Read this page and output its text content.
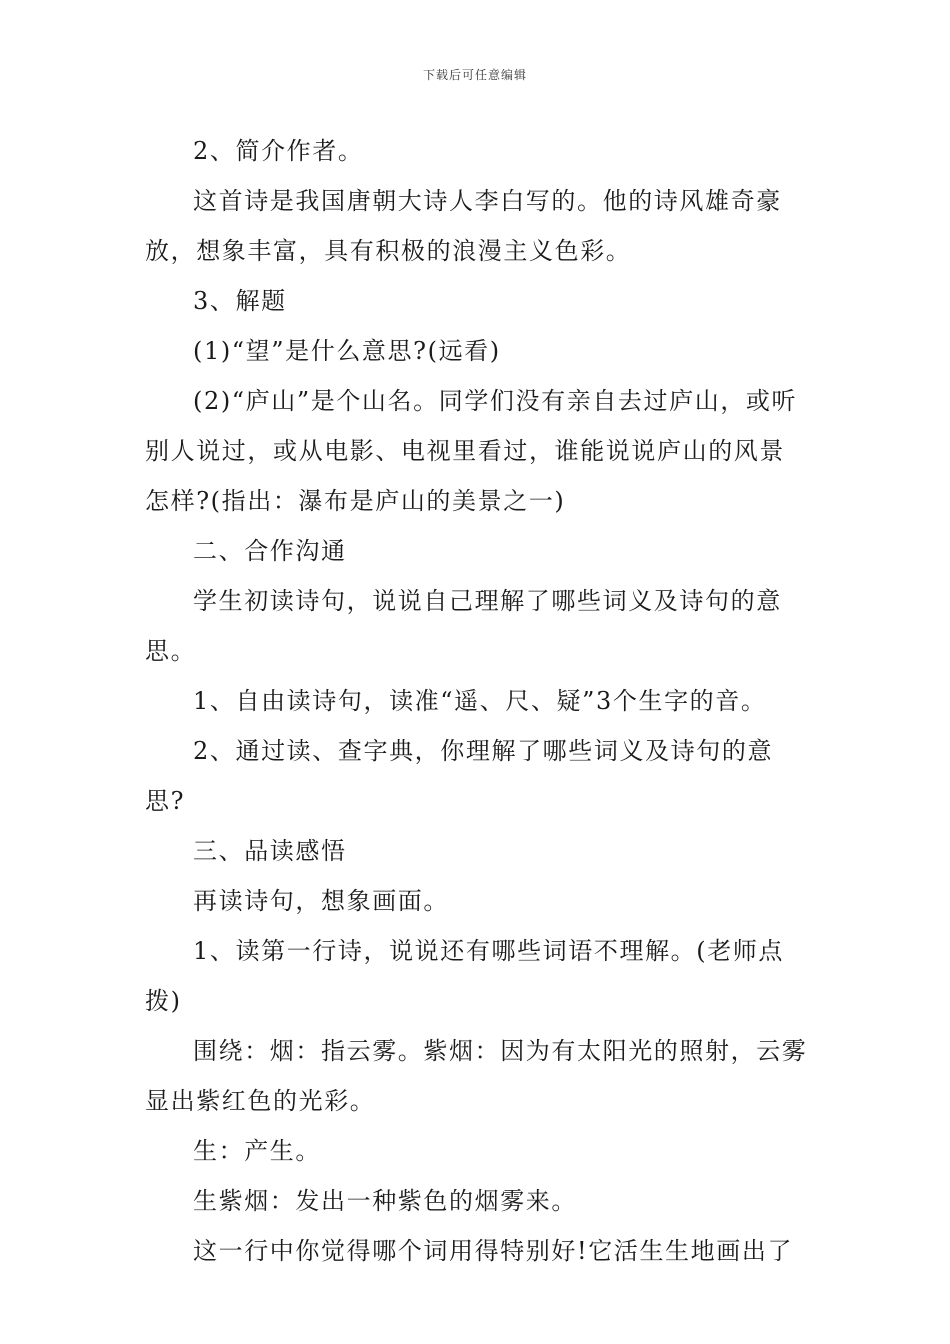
下载后可任意编辑

2、简介作者。

这首诗是我国唐朝大诗人李白写的。他的诗风雄奇豪放，想象丰富，具有积极的浪漫主义色彩。

3、解题

(1)“望”是什么意思?(远看)

(2)“庐山”是个山名。同学们没有亲自去过庐山，或听别人说过，或从电影、电视里看过，谁能说说庐山的风景怎样?(指出：瀑布是庐山的美景之一)

二、合作沟通

学生初读诗句，说说自己理解了哪些词义及诗句的意思。

1、自由读诗句，读准“遥、尺、疑”3个生字的音。

2、通过读、查字典，你理解了哪些词义及诗句的意思?

三、品读感悟

再读诗句，想象画面。

1、读第一行诗，说说还有哪些词语不理解。(老师点拨)

围绕：烟：指云雾。紫烟：因为有太阳光的照射，云雾显出紫红色的光彩。

生：产生。

生紫烟：发出一种紫色的烟雾来。

这一行中你觉得哪个词用得特别好!它活生生地画出了
